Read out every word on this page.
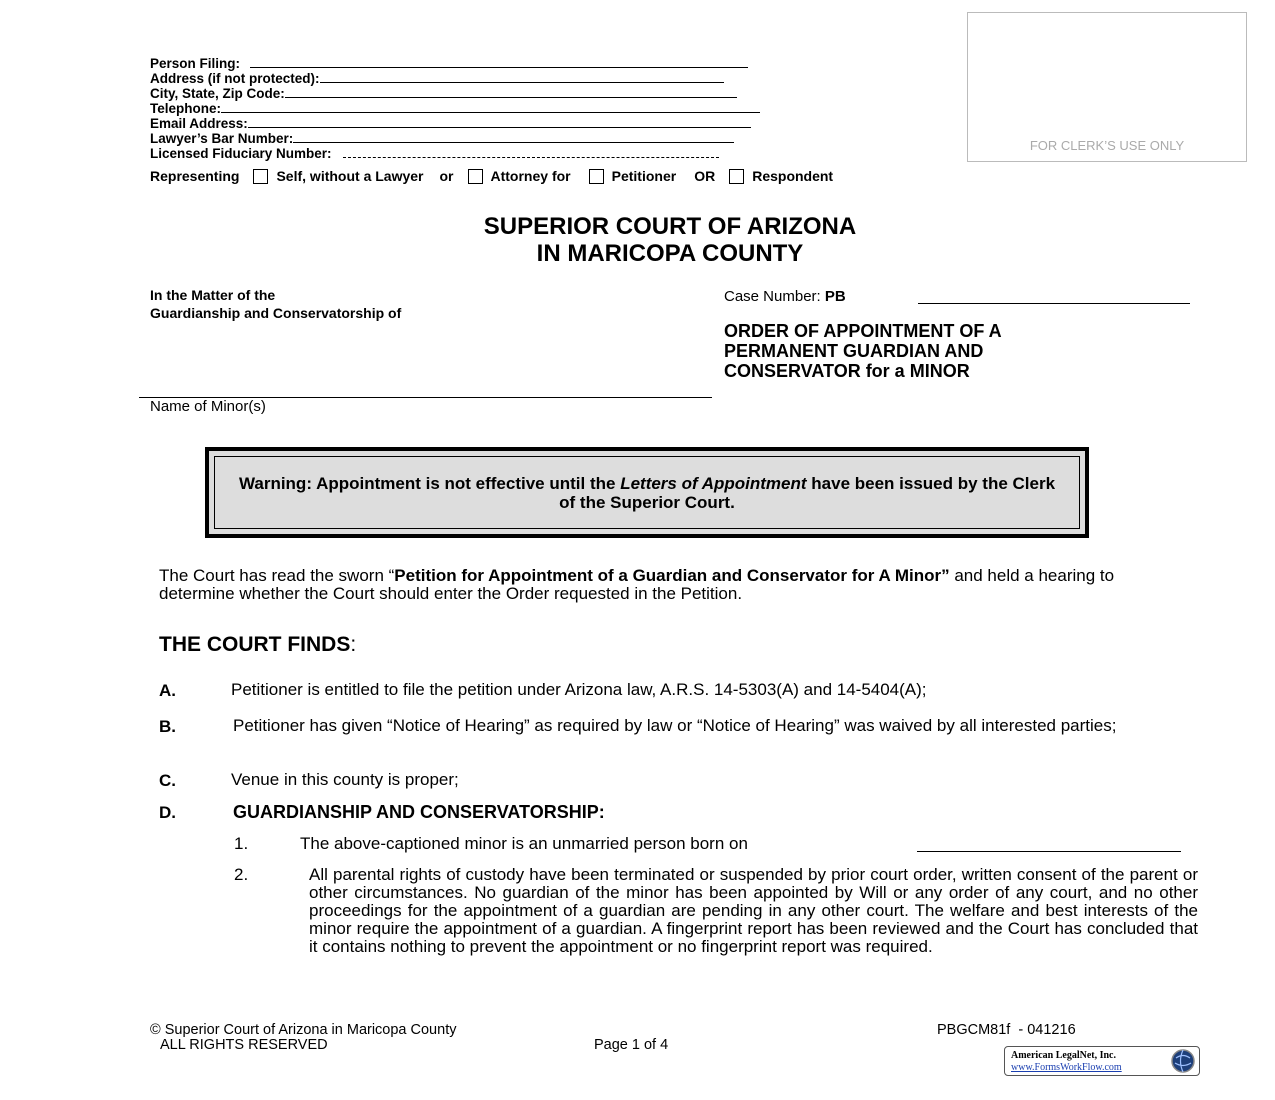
Person Filing:
Address (if not protected):
City, State, Zip Code:
Telephone:
Email Address:
Lawyer’s Bar Number:
Licensed Fiduciary Number:
Representing	Self, without a Lawyer or	Attorney for	Petitioner OR	Respondent
FOR CLERK’S USE ONLY
SUPERIOR COURT OF ARIZONA
IN MARICOPA COUNTY
In the Matter of the
Guardianship and Conservatorship of
Name of Minor(s)
Case Number: PB
ORDER OF APPOINTMENT OF A
PERMANENT GUARDIAN AND
CONSERVATOR for a MINOR
Warning: Appointment is not effective until the Letters of Appointment have been issued by the Clerk of the Superior Court.
The Court has read the sworn “Petition for Appointment of a Guardian and Conservator for A Minor” and held a hearing to determine whether the Court should enter the Order requested in the Petition.
THE COURT FINDS:
A.	Petitioner is entitled to file the petition under Arizona law, A.R.S. 14-5303(A) and 14-5404(A);
B.	Petitioner has given “Notice of Hearing” as required by law or “Notice of Hearing” was waived by all interested parties;
C.	Venue in this county is proper;
D.	GUARDIANSHIP AND CONSERVATORSHIP:
1.	The above-captioned minor is an unmarried person born on
2.	All parental rights of custody have been terminated or suspended by prior court order, written consent of the parent or other circumstances. No guardian of the minor has been appointed by Will or any order of any court, and no other proceedings for the appointment of a guardian are pending in any other court. The welfare and best interests of the minor require the appointment of a guardian. A fingerprint report has been reviewed and the Court has concluded that it contains nothing to prevent the appointment or no fingerprint report was required.
© Superior Court of Arizona in Maricopa County
ALL RIGHTS RESERVED	Page 1 of 4
PBGCM81f  - 041216
American LegalNet, Inc.
www.FormsWorkFlow.com
